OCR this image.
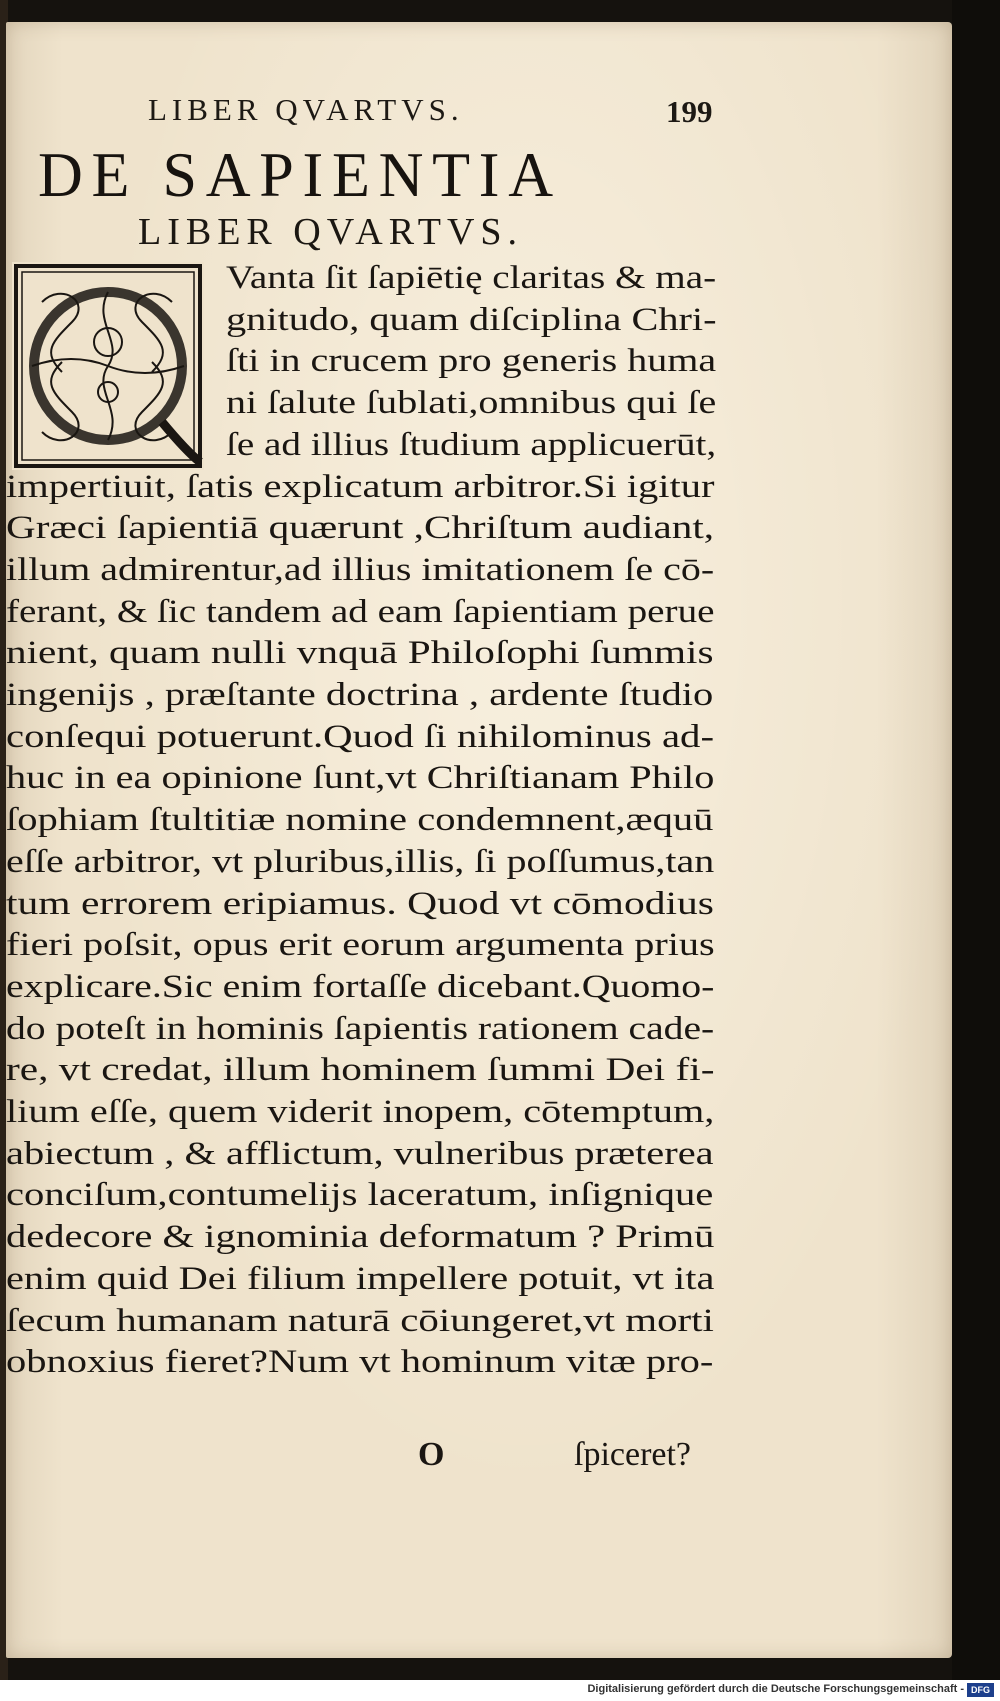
LIBER QVARTVS.	199
DE SAPIENTIA
LIBER QVARTVS.
Vanta ſit ſapiētię claritas & ma-
gnitudo, quam diſciplina Chri-
ſti in crucem pro generis huma
ni ſalute ſublati,omnibus qui ſe
ſe ad illius ſtudium applicuerūt,
impertiuit, ſatis explicatum arbitror.Si igitur
Græci ſapientiā quærunt ,Chriſtum audiant,
illum admirentur,ad illius imitationem ſe cō-
ferant, & ſic tandem ad eam ſapientiam perue
nient, quam nulli vnquā Philoſophi ſummis
ingenijs , præſtante doctrina , ardente ſtudio
conſequi potuerunt.Quod ſi nihilominus ad-
huc in ea opinione ſunt,vt Chriſtianam Philo
ſophiam ſtultitiæ nomine condemnent,æquū
eſſe arbitror, vt pluribus,illis, ſi poſſumus,tan
tum errorem eripiamus. Quod vt cōmodius
fieri poſsit, opus erit eorum argumenta prius
explicare.Sic enim fortaſſe dicebant.Quomo-
do poteſt in hominis ſapientis rationem cade-
re, vt credat, illum hominem ſummi Dei fi-
lium eſſe, quem viderit inopem, cōtemptum,
abiectum , & afflictum, vulneribus præterea
conciſum,contumelijs laceratum, inſignique
dedecore & ignominia deformatum ? Primū
enim quid Dei filium impellere potuit, vt ita
ſecum humanam naturā cōiungeret,vt morti
obnoxius fieret?Num vt hominum vitæ pro-
O	ſpiceret?
Digitalisierung gefördert durch die Deutsche Forschungsgemeinschaft - DFG
